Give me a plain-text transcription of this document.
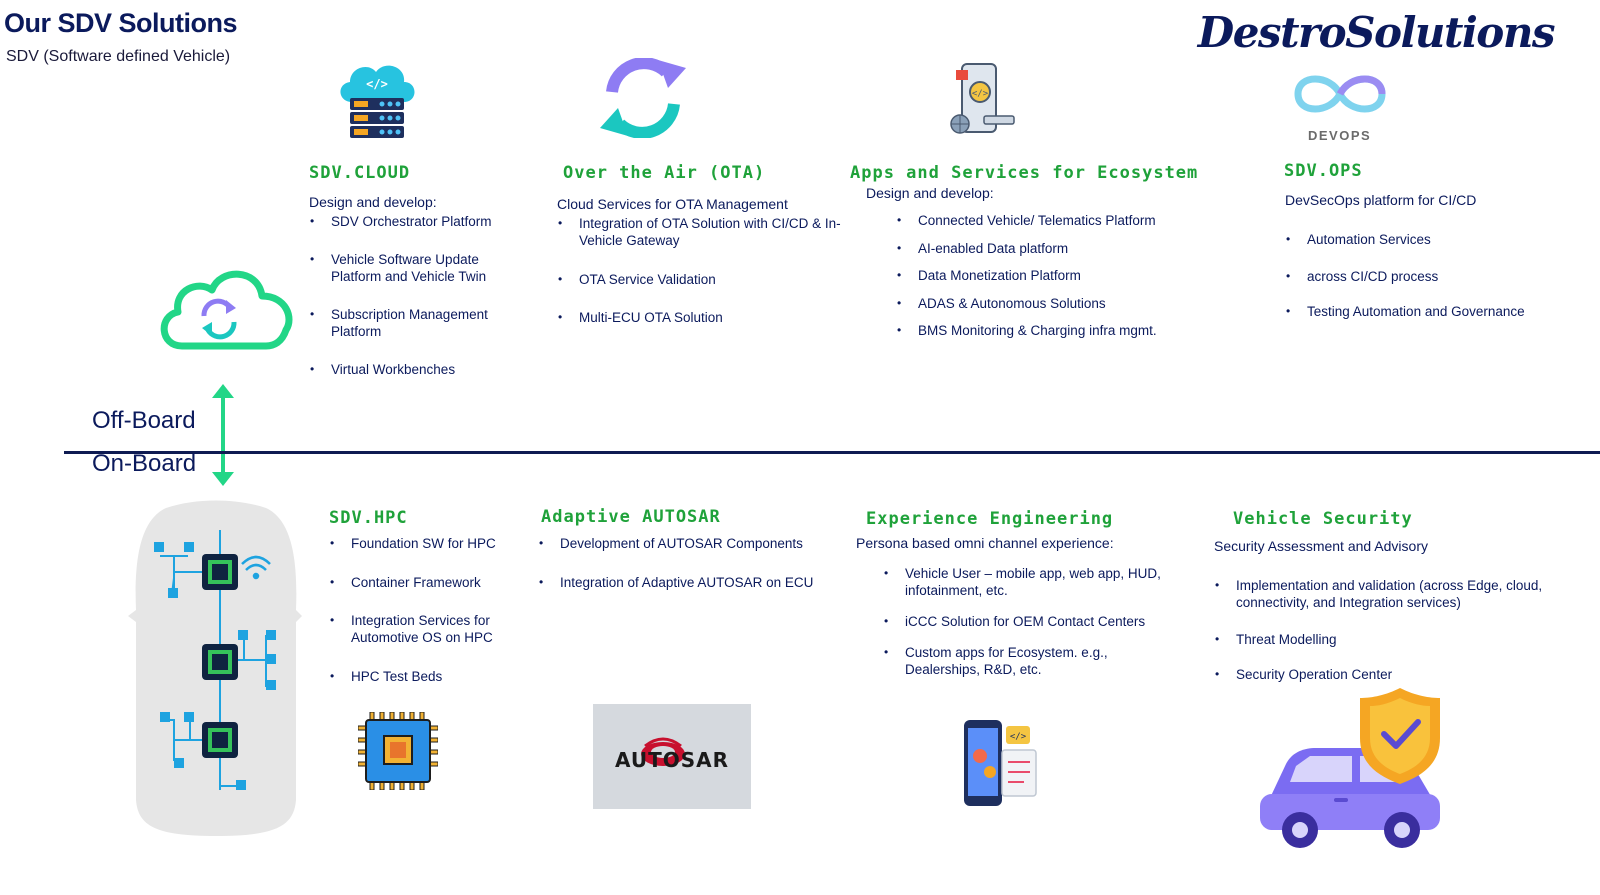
Our SDV Solutions
SDV (Software defined Vehicle)	DestroSolutions
</>
</>
DEVOPS
Off-Board
On-Board
SDV.CLOUD
Design and develop:
• SDV Orchestrator Platform
• Vehicle Software Update Platform and Vehicle Twin
• Subscription Management Platform
• Virtual Workbenches
Over the Air (OTA)
Cloud Services for OTA Management
• Integration of OTA Solution with CI/CD & In-Vehicle Gateway
• OTA Service Validation
• Multi-ECU OTA Solution
Apps and Services for Ecosystem
Design and develop:
• Connected Vehicle/ Telematics Platform
• AI-enabled Data platform
• Data Monetization Platform
• ADAS & Autonomous Solutions
• BMS Monitoring & Charging infra mgmt.
SDV.OPS
DevSecOps platform for CI/CD
• Automation Services
• across CI/CD process
• Testing Automation and Governance
SDV.HPC
• Foundation SW for HPC
• Container Framework
• Integration Services for Automotive OS on HPC
• HPC Test Beds
Adaptive AUTOSAR
• Development of AUTOSAR Components
• Integration of Adaptive AUTOSAR on ECU
AUTOSAR
Experience Engineering
Persona based omni channel experience:
• Vehicle User – mobile app, web app, HUD, infotainment, etc.
• iCCC Solution for OEM Contact Centers
• Custom apps for Ecosystem. e.g., Dealerships, R&D, etc.
</>
Vehicle Security
Security Assessment and Advisory
• Implementation and validation (across Edge, cloud, connectivity, and Integration services)
• Threat Modelling
• Security Operation Center
